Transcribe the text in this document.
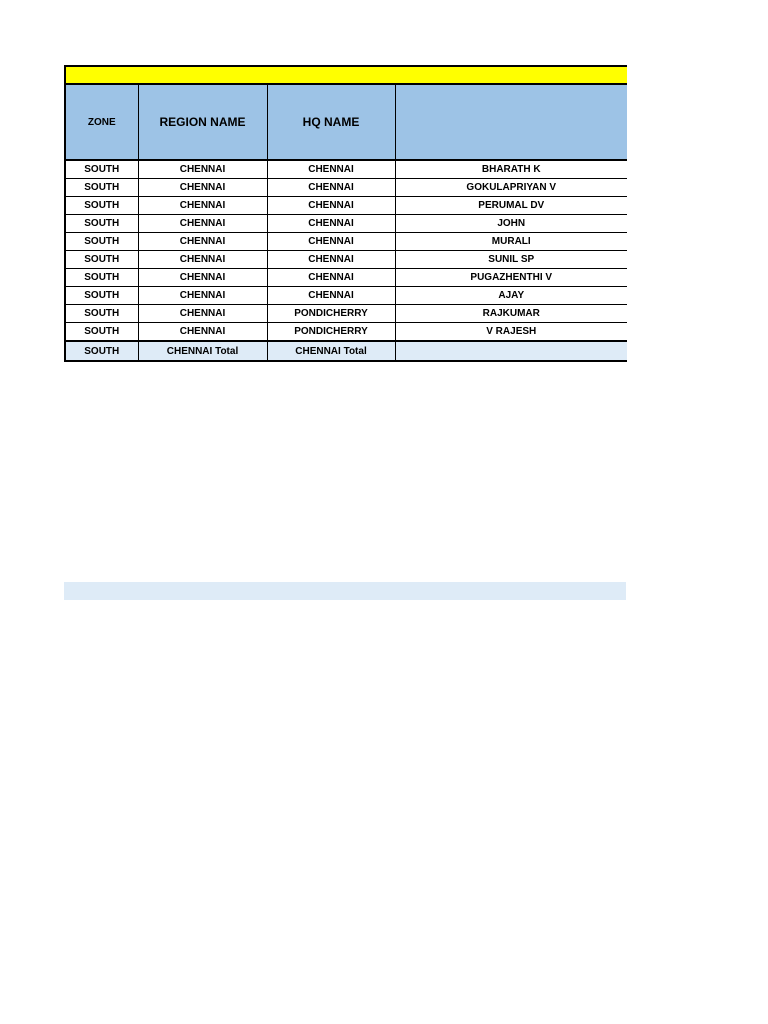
ZONE	REGION NAME	HQ NAME	
SOUTH	CHENNAI	CHENNAI	BHARATH K
SOUTH	CHENNAI	CHENNAI	GOKULAPRIYAN V
SOUTH	CHENNAI	CHENNAI	PERUMAL DV
SOUTH	CHENNAI	CHENNAI	JOHN
SOUTH	CHENNAI	CHENNAI	MURALI
SOUTH	CHENNAI	CHENNAI	SUNIL SP
SOUTH	CHENNAI	CHENNAI	PUGAZHENTHI V
SOUTH	CHENNAI	CHENNAI	AJAY
SOUTH	CHENNAI	PONDICHERRY	RAJKUMAR
SOUTH	CHENNAI	PONDICHERRY	V RAJESH
SOUTH	CHENNAI Total	CHENNAI Total	
